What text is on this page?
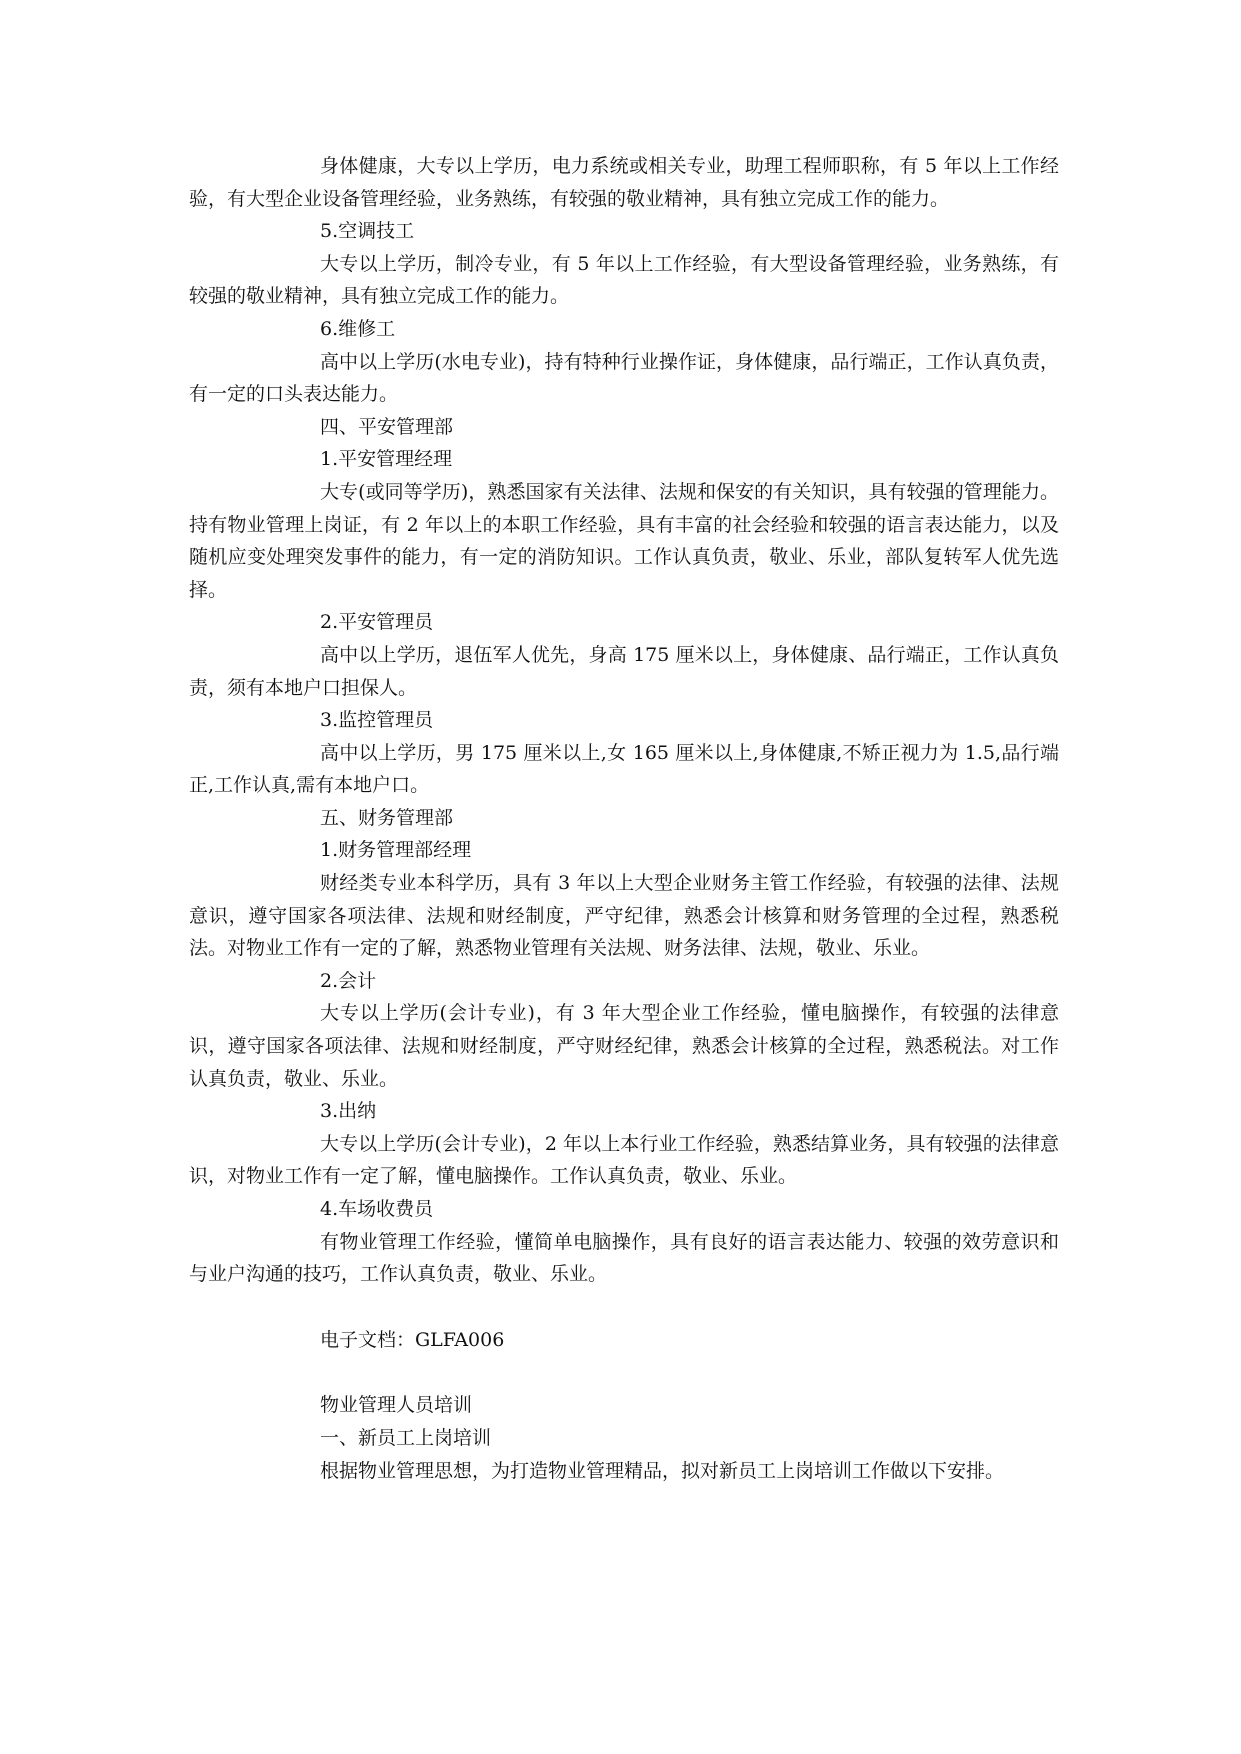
身体健康，大专以上学历，电力系统或相关专业，助理工程师职称，有 5 年以上工作经验，有大型企业设备管理经验，业务熟练，有较强的敬业精神，具有独立完成工作的能力。

5.空调技工

大专以上学历，制冷专业，有 5 年以上工作经验，有大型设备管理经验，业务熟练，有较强的敬业精神，具有独立完成工作的能力。

6.维修工

高中以上学历(水电专业)，持有特种行业操作证，身体健康，品行端正，工作认真负责，有一定的口头表达能力。

四、平安管理部
1.平安管理经理

大专(或同等学历)，熟悉国家有关法律、法规和保安的有关知识，具有较强的管理能力。持有物业管理上岗证，有 2 年以上的本职工作经验，具有丰富的社会经验和较强的语言表达能力，以及随机应变处理突发事件的能力，有一定的消防知识。工作认真负责，敬业、乐业，部队复转军人优先选择。

2.平安管理员

高中以上学历，退伍军人优先，身高 175 厘米以上，身体健康、品行端正，工作认真负责，须有本地户口担保人。

3.监控管理员

高中以上学历，男 175 厘米以上,女 165 厘米以上,身体健康,不矫正视力为 1.5,品行端正,工作认真,需有本地户口。

五、财务管理部
1.财务管理部经理

财经类专业本科学历，具有 3 年以上大型企业财务主管工作经验，有较强的法律、法规意识，遵守国家各项法律、法规和财经制度，严守纪律，熟悉会计核算和财务管理的全过程，熟悉税法。对物业工作有一定的了解，熟悉物业管理有关法规、财务法律、法规，敬业、乐业。

2.会计

大专以上学历(会计专业)，有 3 年大型企业工作经验，懂电脑操作，有较强的法律意识，遵守国家各项法律、法规和财经制度，严守财经纪律，熟悉会计核算的全过程，熟悉税法。对工作认真负责，敬业、乐业。

3.出纳

大专以上学历(会计专业)，2 年以上本行业工作经验，熟悉结算业务，具有较强的法律意识，对物业工作有一定了解，懂电脑操作。工作认真负责，敬业、乐业。

4.车场收费员

有物业管理工作经验，懂简单电脑操作，具有良好的语言表达能力、较强的效劳意识和与业户沟通的技巧，工作认真负责，敬业、乐业。

电子文档：GLFA006
物业管理人员培训
一、新员工上岗培训

根据物业管理思想，为打造物业管理精品，拟对新员工上岗培训工作做以下安排。
